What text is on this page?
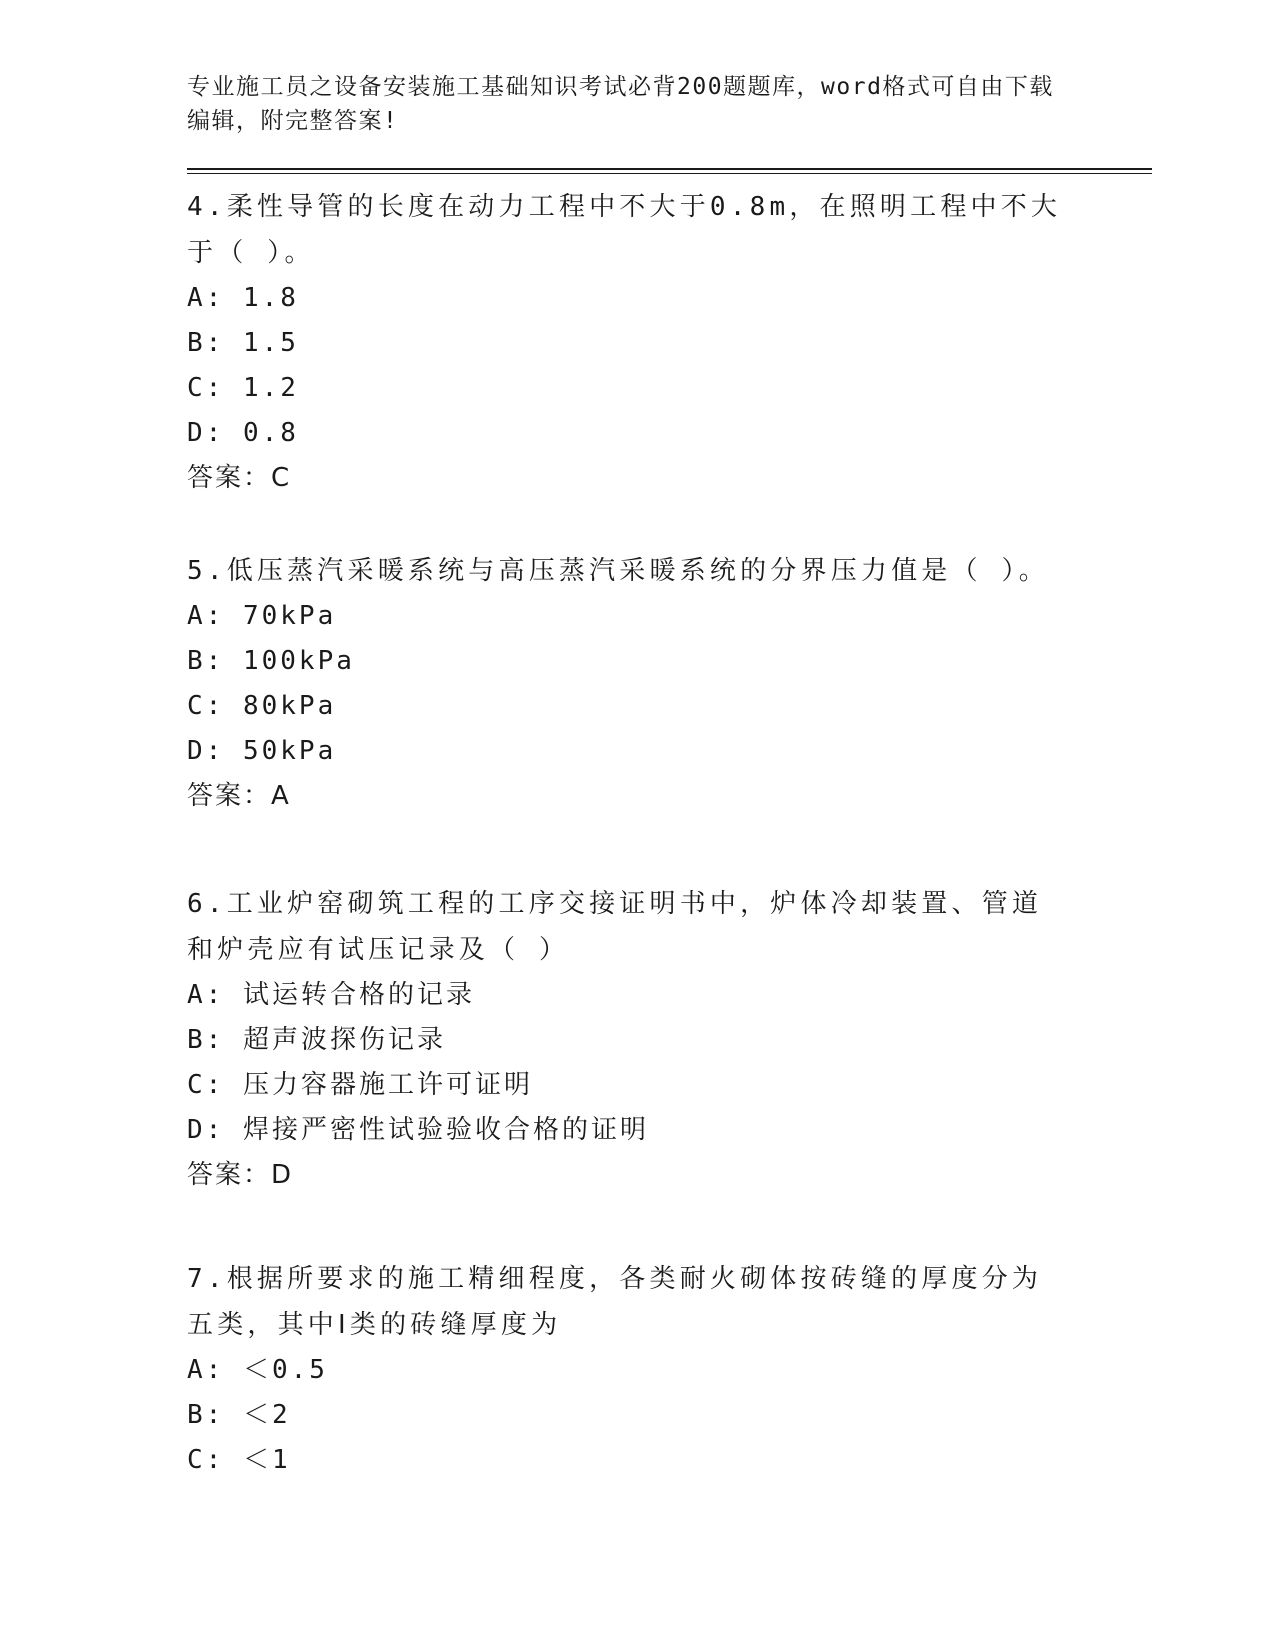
专业施工员之设备安装施工基础知识考试必背200题题库，word格式可自由下载编辑，附完整答案!

4.柔性导管的长度在动力工程中不大于0.8m，在照明工程中不大于（ ）。

A: 1.8

B: 1.5

C: 1.2

D: 0.8

答案：C

5.低压蒸汽采暖系统与高压蒸汽采暖系统的分界压力值是（ ）。

A: 70kPa

B: 100kPa

C: 80kPa

D: 50kPa

答案：A

6.工业炉窑砌筑工程的工序交接证明书中，炉体冷却装置、管道和炉壳应有试压记录及（ ）

A: 试运转合格的记录

B: 超声波探伤记录

C: 压力容器施工许可证明

D: 焊接严密性试验验收合格的证明

答案：D

7.根据所要求的施工精细程度，各类耐火砌体按砖缝的厚度分为五类，其中Ⅰ类的砖缝厚度为

A: ＜0.5

B: ＜2

C: ＜1
